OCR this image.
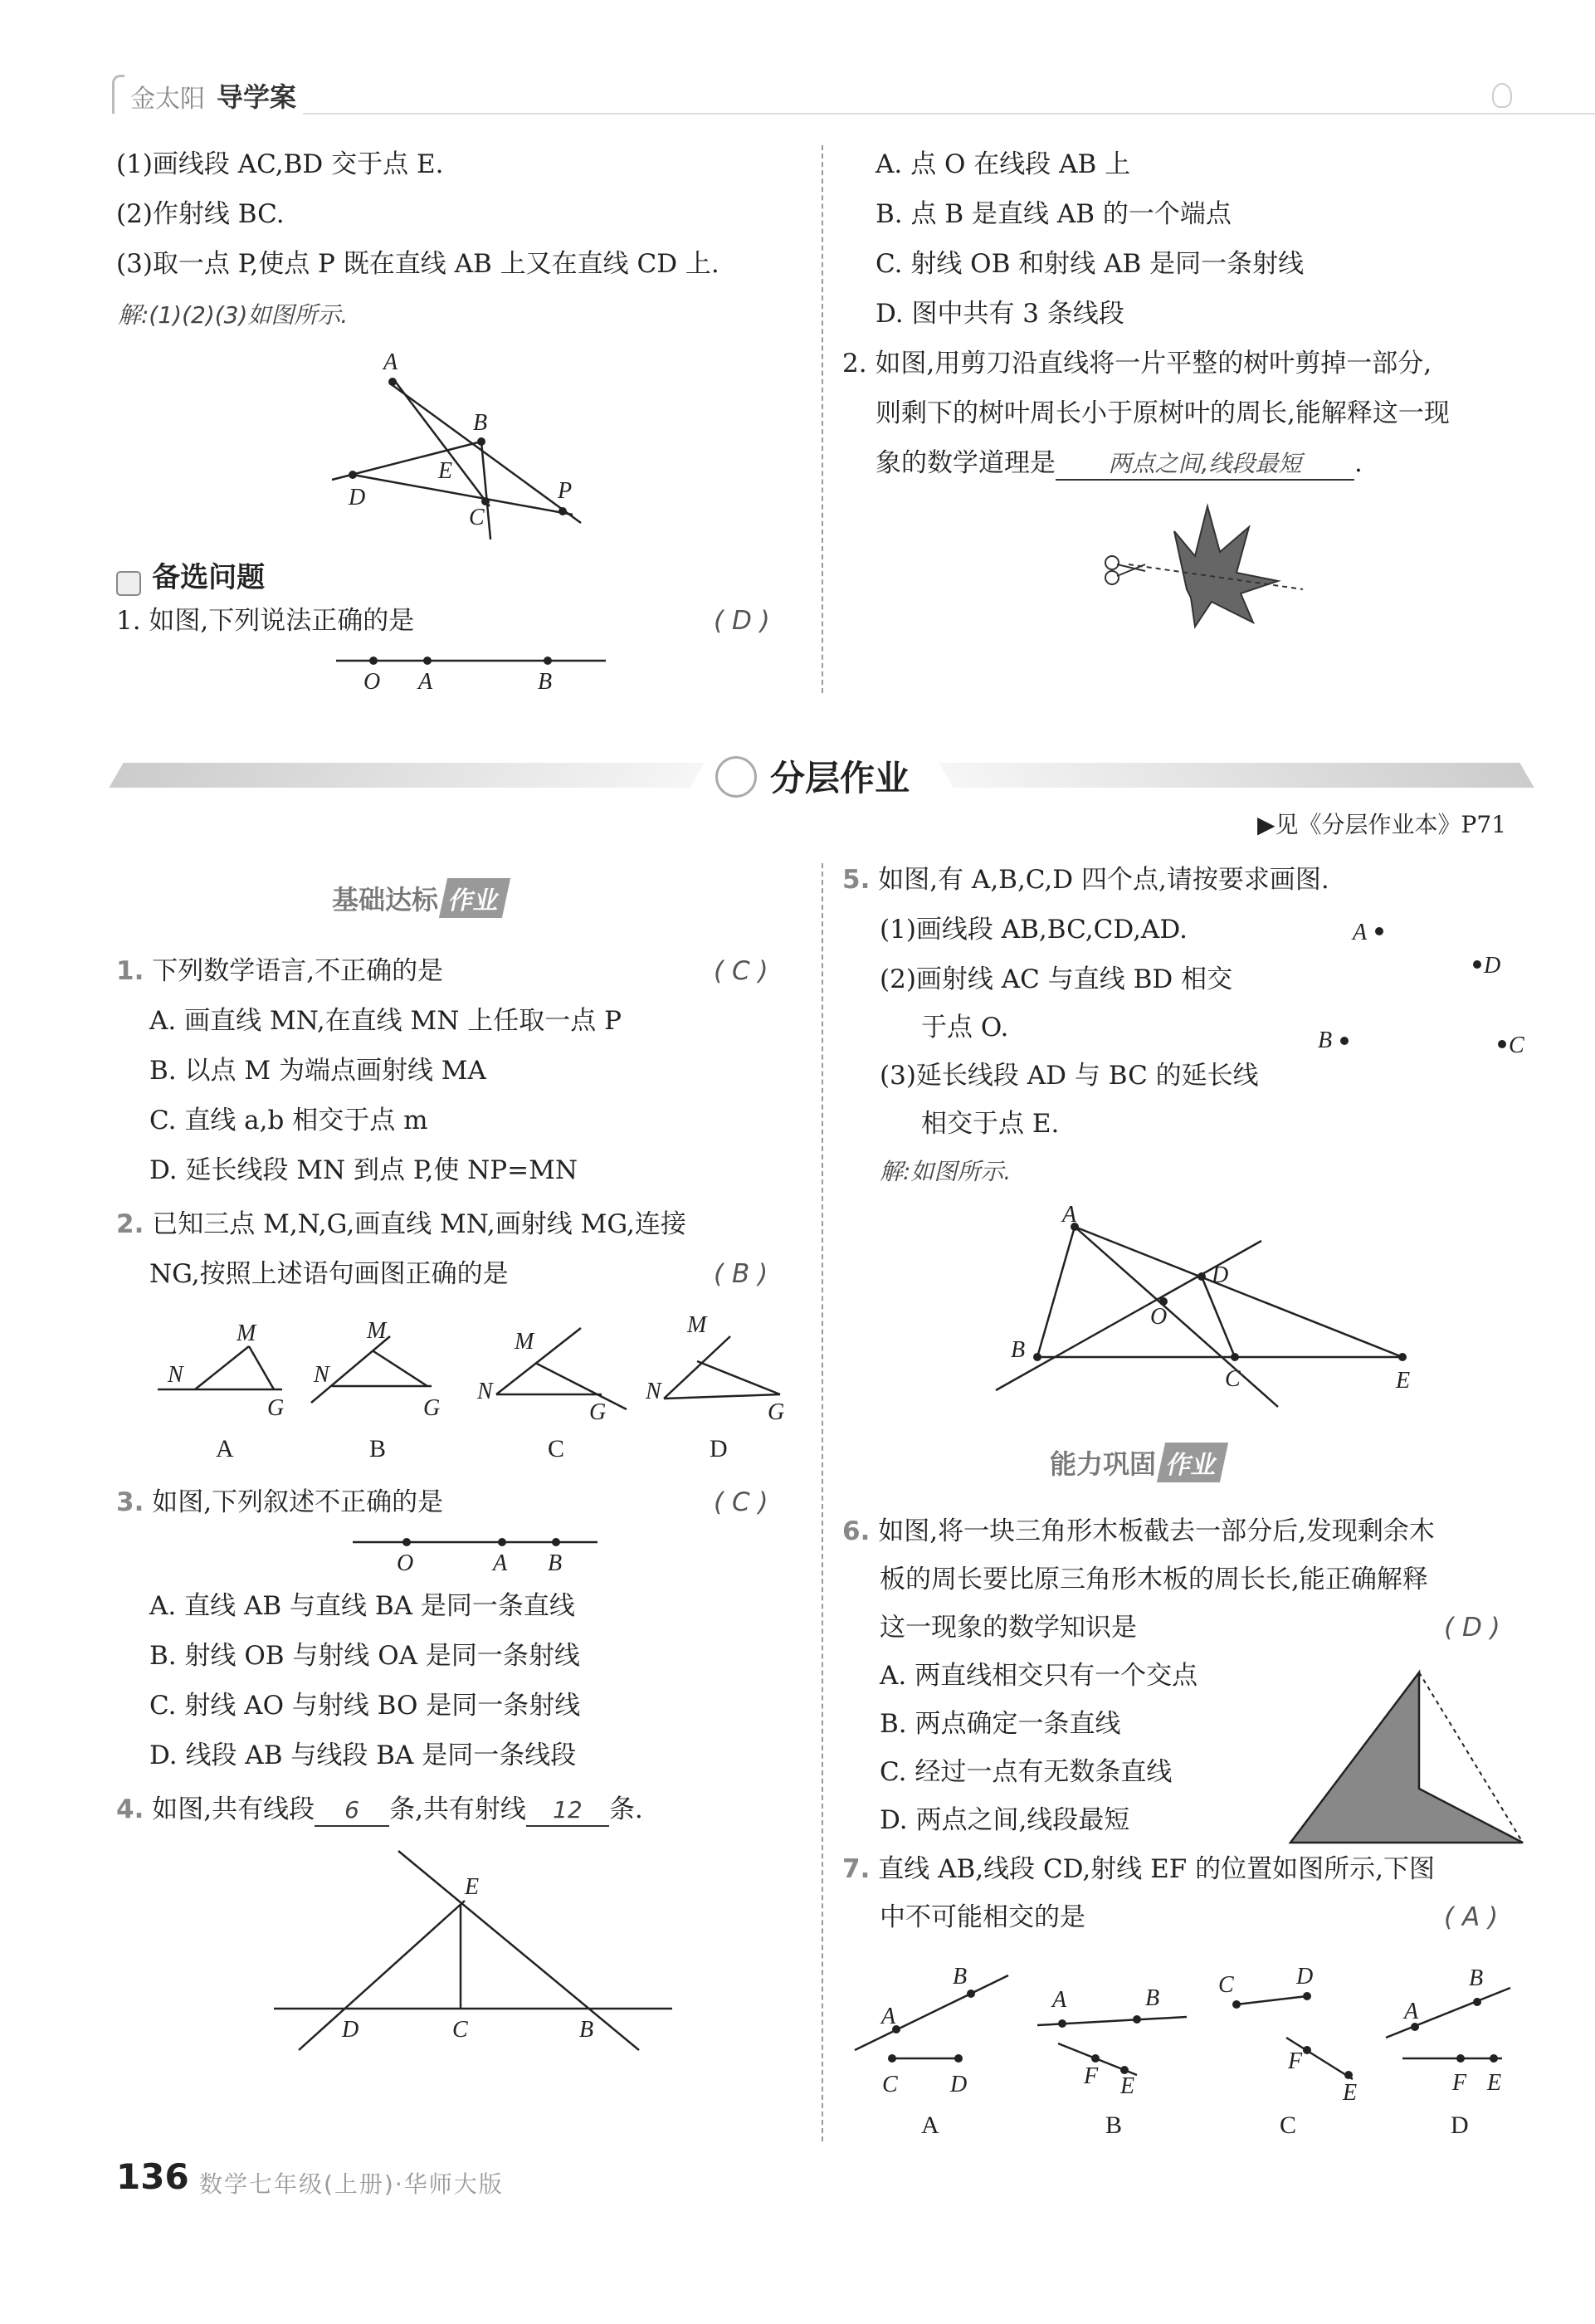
金太阳 导学案
(1)画线段 AC,BD 交于点 E.
(2)作射线 BC.
(3)取一点 P,使点 P 既在直线 AB 上又在直线 CD 上.
解:(1)(2)(3)如图所示.
A
B
E
D
C
P
备选问题
1. 如图,下列说法正确的是	( D )
O A	B
A. 点 O 在线段 AB 上
B. 点 B 是直线 AB 的一个端点
C. 射线 OB 和射线 AB 是同一条射线
D. 图中共有 3 条线段
2. 如图,用剪刀沿直线将一片平整的树叶剪掉一部分,
则剩下的树叶周长小于原树叶的周长,能解释这一现
象的数学道理是 两点之间,线段最短 .
分层作业
▶见《分层作业本》P71
基础达标 作业
1. 下列数学语言,不正确的是	( C )
A. 画直线 MN,在直线 MN 上任取一点 P
B. 以点 M 为端点画射线 MA
C. 直线 a,b 相交于点 m
D. 延长线段 MN 到点 P,使 NP=MN
2. 已知三点 M,N,G,画直线 MN,画射线 MG,连接
NG,按照上述语句画图正确的是	( B )
M
N
G
A
M
N
G
B
M
N
G
C
M
N
G
D
3. 如图,下列叙述不正确的是	( C )
O	A B
A. 直线 AB 与直线 BA 是同一条直线
B. 射线 OB 与射线 OA 是同一条射线
C. 射线 AO 与射线 BO 是同一条射线
D. 线段 AB 与线段 BA 是同一条线段
4. 如图,共有线段 6 条,共有射线 12 条.
E
D	C	B
5. 如图,有 A,B,C,D 四个点,请按要求画图.
(1)画线段 AB,BC,CD,AD.
(2)画射线 AC 与直线 BD 相交
于点 O.
(3)延长线段 AD 与 BC 的延长线
相交于点 E.
解:如图所示.
A
D
B	C
A
D
O
B
C	E
能力巩固 作业
6. 如图,将一块三角形木板截去一部分后,发现剩余木
板的周长要比原三角形木板的周长长,能正确解释
这一现象的数学知识是	( D )
A. 两直线相交只有一个交点
B. 两点确定一条直线
C. 经过一点有无数条直线
D. 两点之间,线段最短
7. 直线 AB,线段 CD,射线 EF 的位置如图所示,下图
中不可能相交的是	( A )
A
B
C D
A
A	B
F E
B
C	D
F
E
C
A
B
F E
D
136 数学七年级(上册)·华师大版
